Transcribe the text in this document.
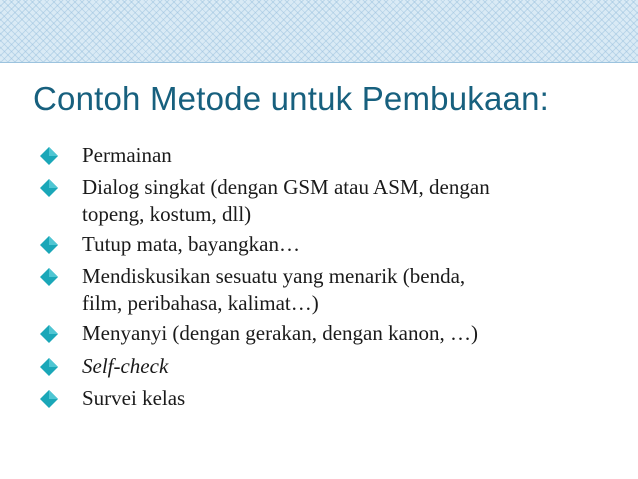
Contoh Metode untuk Pembukaan:
Permainan
Dialog singkat (dengan GSM atau ASM, dengan
topeng, kostum, dll)
Tutup mata, bayangkan…
Mendiskusikan sesuatu yang menarik (benda,
film, peribahasa, kalimat…)
Menyanyi (dengan gerakan, dengan kanon, …)
Self-check
Survei kelas
